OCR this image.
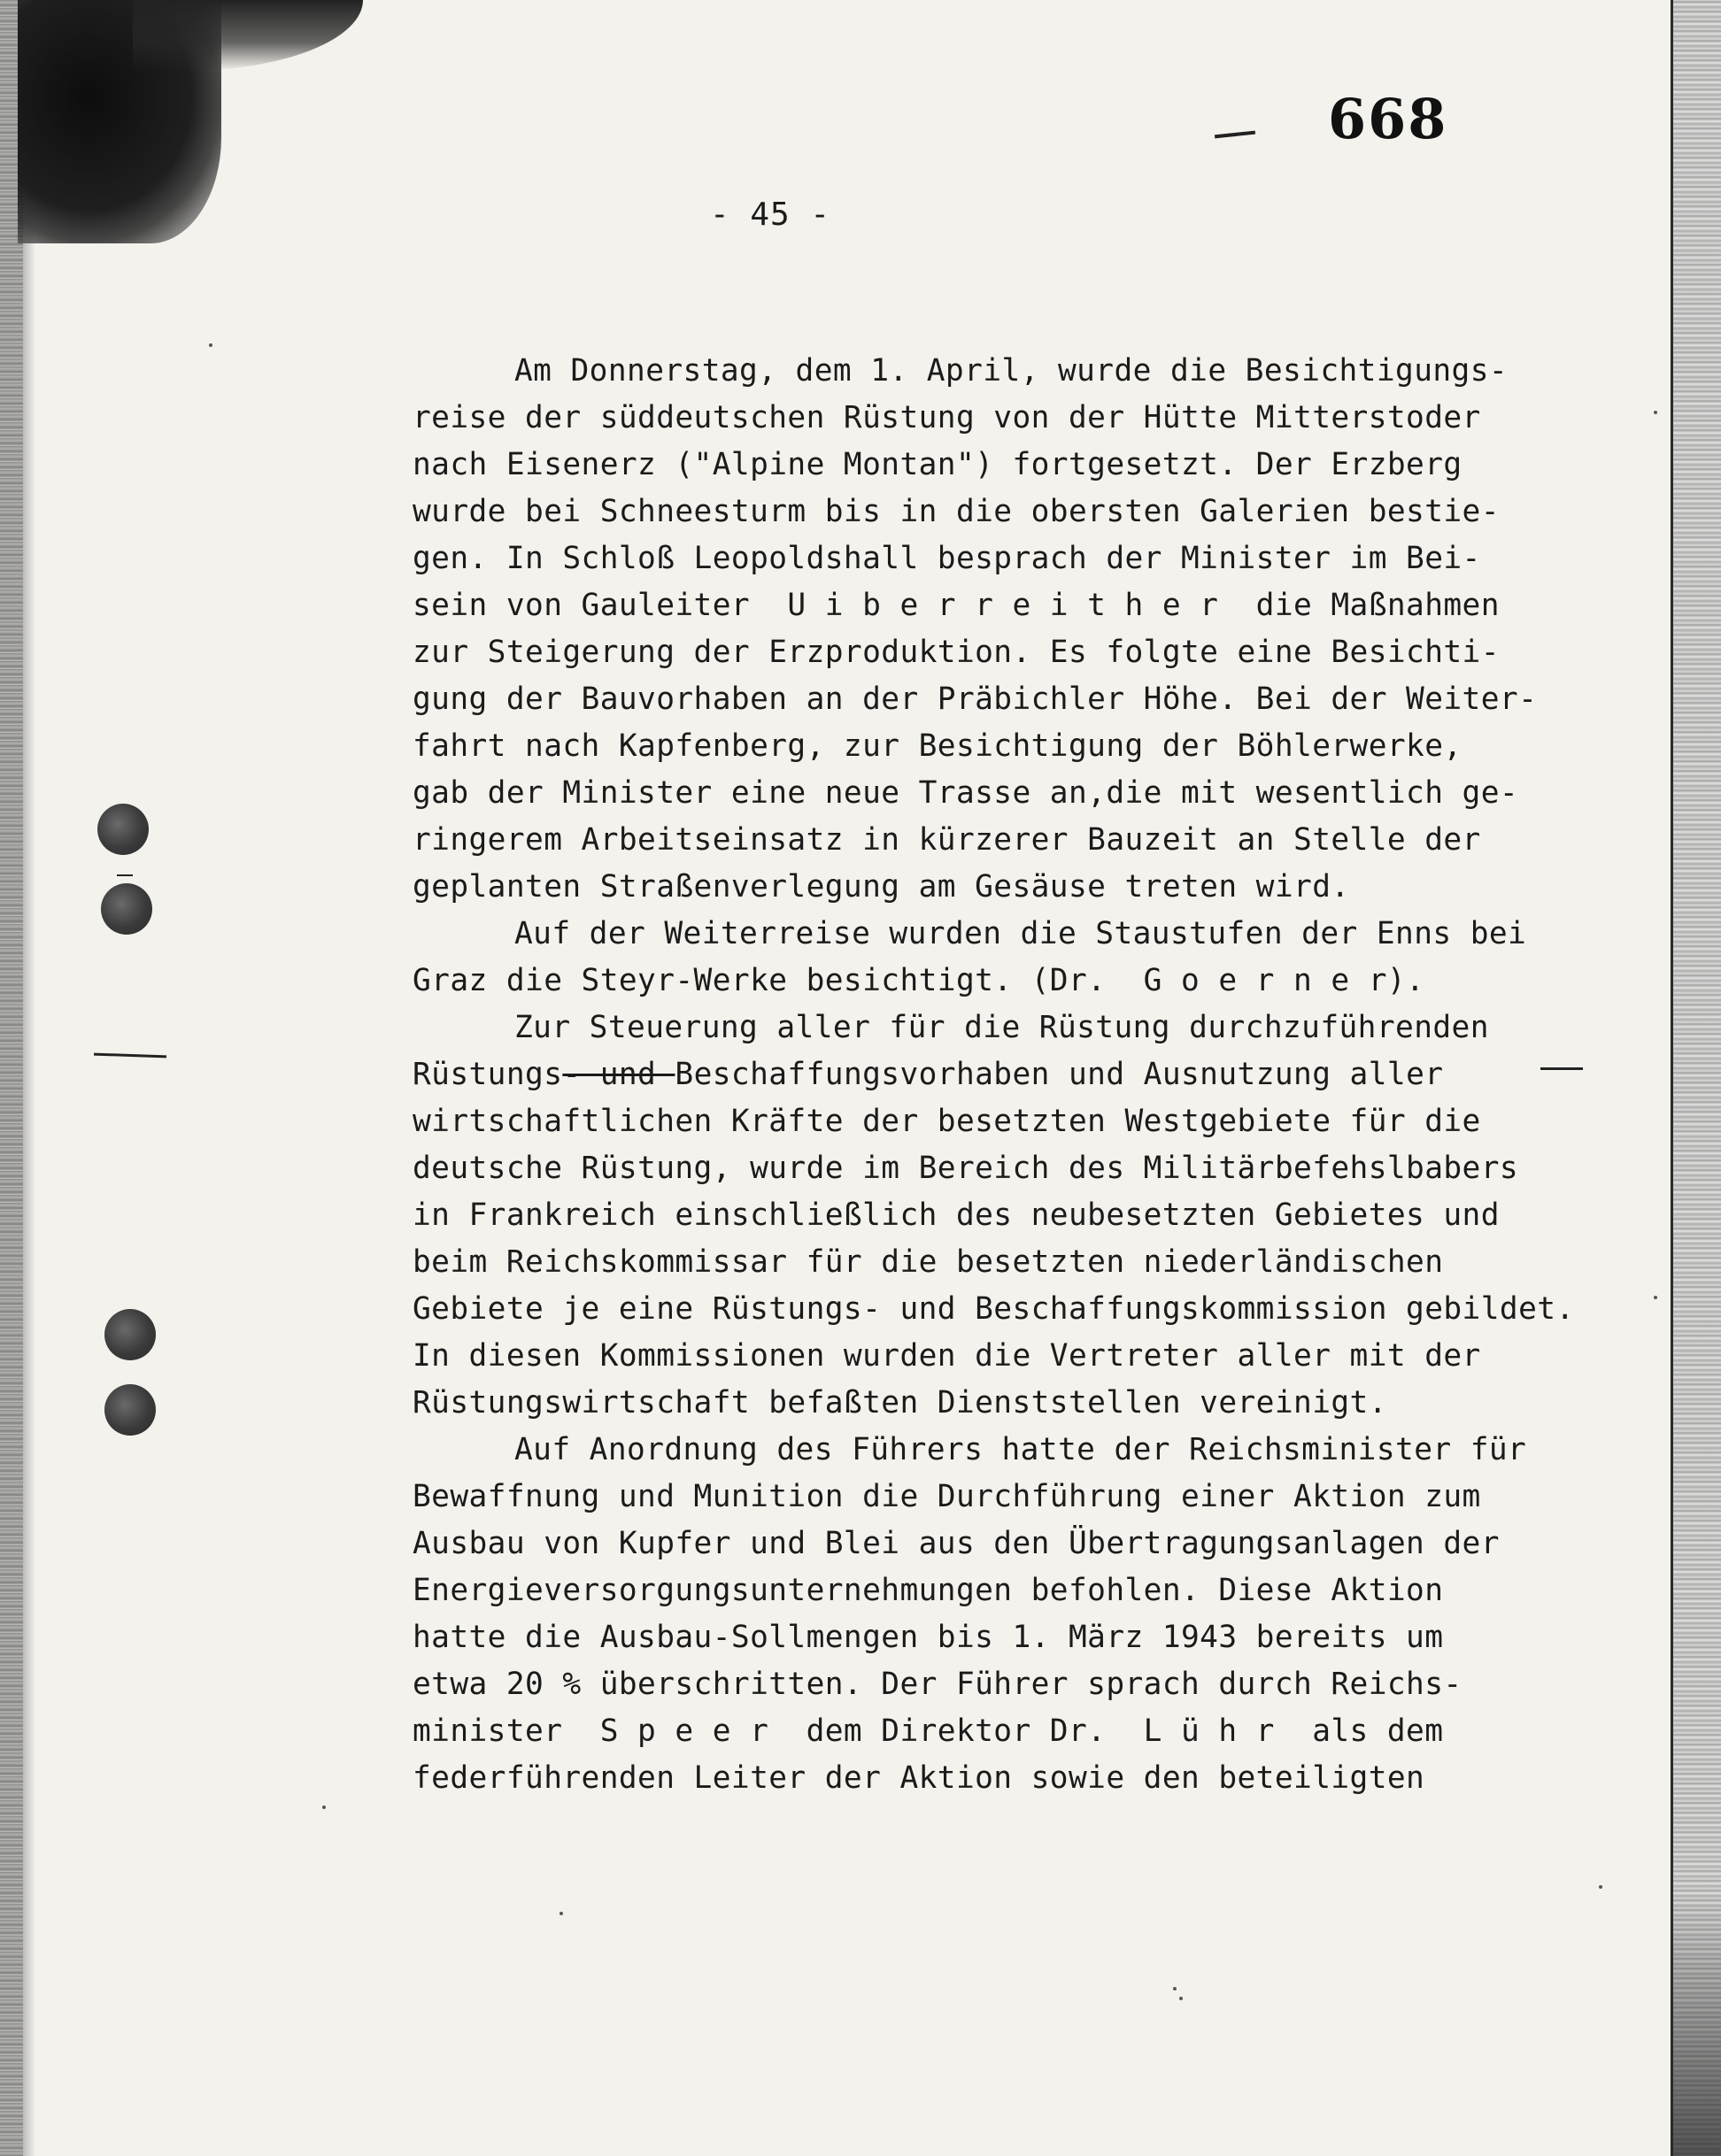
668
- 45 -
Am Donnerstag, dem 1. April, wurde die Besichtigungs-
reise der süddeutschen Rüstung von der Hütte Mitterstoder
nach Eisenerz ("Alpine Montan") fortgesetzt. Der Erzberg
wurde bei Schneesturm bis in die obersten Galerien bestie-
gen. In Schloß Leopoldshall besprach der Minister im Bei-
sein von Gauleiter  U i b e r r e i t h e r  die Maßnahmen
zur Steigerung der Erzproduktion. Es folgte eine Besichti-
gung der Bauvorhaben an der Präbichler Höhe. Bei der Weiter-
fahrt nach Kapfenberg, zur Besichtigung der Böhlerwerke,
gab der Minister eine neue Trasse an,die mit wesentlich ge-
ringerem Arbeitseinsatz in kürzerer Bauzeit an Stelle der
geplanten Straßenverlegung am Gesäuse treten wird.
Auf der Weiterreise wurden die Staustufen der Enns bei
Graz die Steyr-Werke besichtigt. (Dr.  G o e r n e r).
Zur Steuerung aller für die Rüstung durchzuführenden
Rüstungs- und Beschaffungsvorhaben und Ausnutzung aller
wirtschaftlichen Kräfte der besetzten Westgebiete für die
deutsche Rüstung, wurde im Bereich des Militärbefehslbabers
in Frankreich einschließlich des neubesetzten Gebietes und
beim Reichskommissar für die besetzten niederländischen
Gebiete je eine Rüstungs- und Beschaffungskommission gebildet.
In diesen Kommissionen wurden die Vertreter aller mit der
Rüstungswirtschaft befaßten Dienststellen vereinigt.
Auf Anordnung des Führers hatte der Reichsminister für
Bewaffnung und Munition die Durchführung einer Aktion zum
Ausbau von Kupfer und Blei aus den Übertragungsanlagen der
Energieversorgungsunternehmungen befohlen. Diese Aktion
hatte die Ausbau-Sollmengen bis 1. März 1943 bereits um
etwa 20 % überschritten. Der Führer sprach durch Reichs-
minister  S p e e r  dem Direktor Dr.  L ü h r  als dem
federführenden Leiter der Aktion sowie den beteiligten
